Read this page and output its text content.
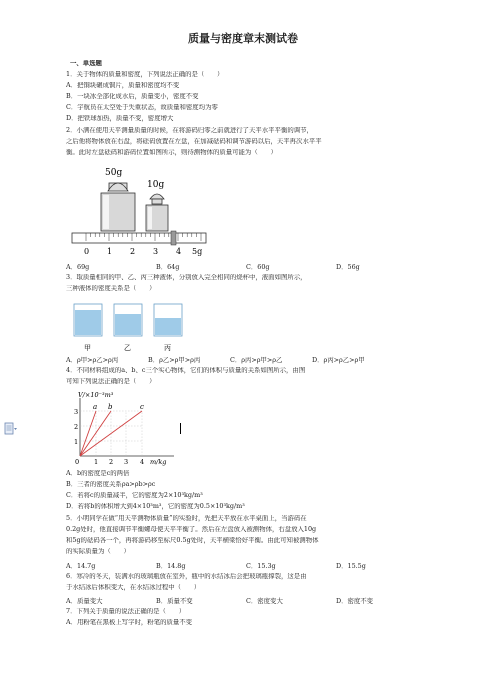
质量与密度章末测试卷
一、单选题
1．关于物体的质量和密度，下列说法正确的是（　　）
A．把铜块碾成铜片，质量和密度均不变
B．一块冰全部化成水后，质量变小，密度不变
C．宇航员在太空处于失重状态，故质量和密度均为零
D．把铁球加热，质量不变，密度增大
2．小满在使用天平测量质量的时候，在将游码归零之前就进行了天平水平平衡的调节，
之后他将物体放在右盘，将砝码放置在左盘，在加减砝码和调节游码以后，天平再次水平平
衡。此时左盘砝码和游码位置如图所示，则待测物体的质量可能为（　　）
50g
10g
0 1 2 3 4 5g
A．69g	B．64g	C．60g	D．56g
3．取质量相同的甲、乙、丙三种液体，分别放入完全相同的烧杯中，液面如图所示，
三种液体的密度关系是（　　）
甲	乙	丙
A．ρ甲>ρ乙>ρ丙	B．ρ乙>ρ甲>ρ丙	C．ρ丙>ρ甲>ρ乙	D．ρ丙>ρ乙>ρ甲
4．不同材料组成的a、b、c三个实心物体，它们的体积与质量的关系如图所示，由图
可知下列说法正确的是（　　）
V/×10⁻³m³
a b	c
1
2
3
0 1 2 3 4 m/kg
A．b的密度是c的两倍
B．三者的密度关系ρa>ρb>ρc
C．若将c的质量减半，它的密度为2×10³kg/m³
D．若将b的体积增大到4×10³m³，它的密度为0.5×10³kg/m³
5．小明同学在做“用天平测物体质量”的实验时，先把天平放在水平桌面上，当游码在
0.2g处时，他直接调节平衡螺母使天平平衡了。然后在左盘放入被测物体，右盘放入10g
和5g的砝码各一个，再将游码移至标尺0.5g处时，天平横梁恰好平衡。由此可知被测物体
的实际质量为（　　）
A．14.7g	B．14.8g	C．15.3g	D．15.5g
6．寒冷的冬天，装满水的玻璃瓶放在室外，瓶中的水结冰后会把玻璃瓶撑裂，这是由
于水结冰后体积变大，在水结冰过程中（　　）
A．质量变大	B．质量不变	C．密度变大	D．密度不变
7．下列关于质量的说法正确的是（　　）
A．用粉笔在黑板上写字时，粉笔的质量不变
